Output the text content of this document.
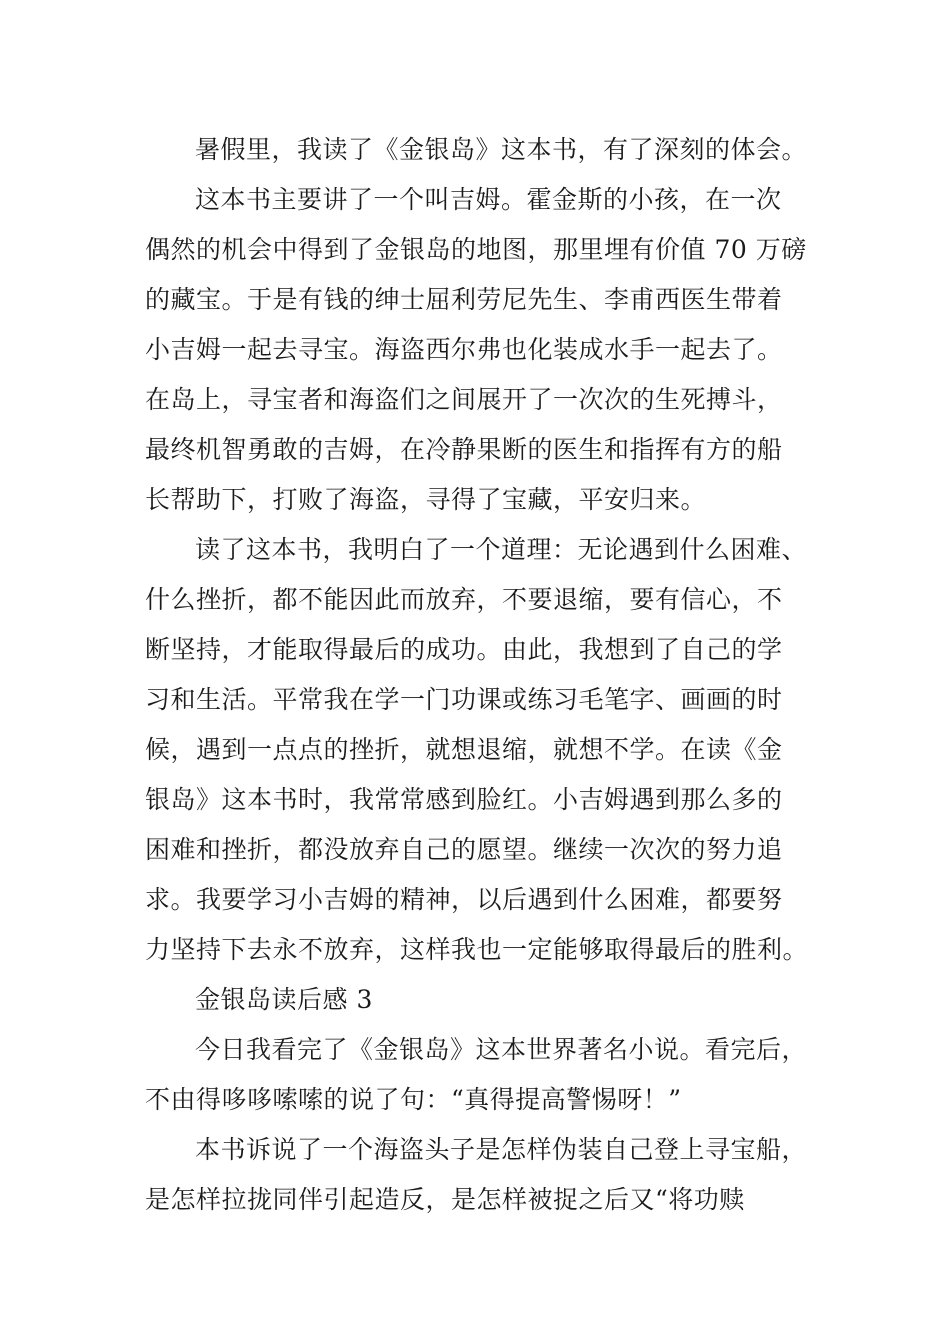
暑假里，我读了《金银岛》这本书，有了深刻的体会。
这本书主要讲了一个叫吉姆。霍金斯的小孩，在一次
偶然的机会中得到了金银岛的地图，那里埋有价值 70 万磅
的藏宝。于是有钱的绅士屈利劳尼先生、李甫西医生带着
小吉姆一起去寻宝。海盗西尔弗也化装成水手一起去了。
在岛上，寻宝者和海盗们之间展开了一次次的生死搏斗，
最终机智勇敢的吉姆，在冷静果断的医生和指挥有方的船
长帮助下，打败了海盗，寻得了宝藏，平安归来。
读了这本书，我明白了一个道理：无论遇到什么困难、
什么挫折，都不能因此而放弃，不要退缩，要有信心，不
断坚持，才能取得最后的成功。由此，我想到了自己的学
习和生活。平常我在学一门功课或练习毛笔字、画画的时
候，遇到一点点的挫折，就想退缩，就想不学。在读《金
银岛》这本书时，我常常感到脸红。小吉姆遇到那么多的
困难和挫折，都没放弃自己的愿望。继续一次次的努力追
求。我要学习小吉姆的精神，以后遇到什么困难，都要努
力坚持下去永不放弃，这样我也一定能够取得最后的胜利。
金银岛读后感 3
今日我看完了《金银岛》这本世界著名小说。看完后，
不由得哆哆嗦嗦的说了句：“真得提高警惕呀！”
本书诉说了一个海盗头子是怎样伪装自己登上寻宝船，
是怎样拉拢同伴引起造反，是怎样被捉之后又“将功赎
